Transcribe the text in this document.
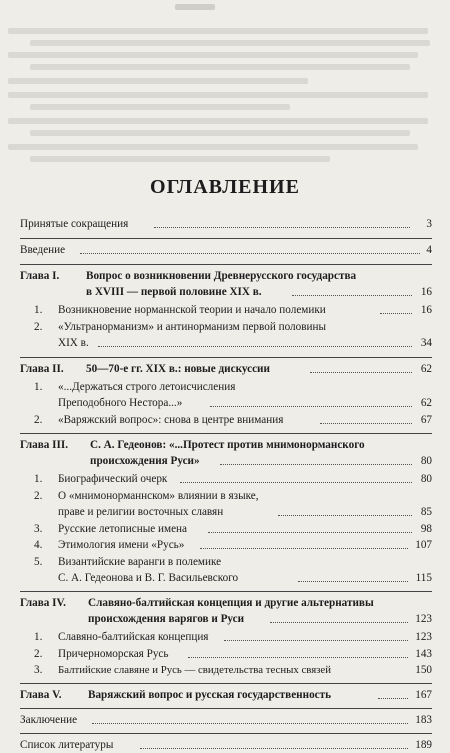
ОГЛАВЛЕНИЕ
Принятые сокращения	3
Введение	4
Глава I. Вопрос о возникновении Древнерусского государства
в XVIII — первой половине XIX в.	16
1. Возникновение норманнской теории и начало полемики	16
2. «Ультранорманизм» и антинорманизм первой половины
XIX в.	34
Глава II. 50—70-е гг. XIX в.: новые дискуссии	62
1. «...Держаться строго летоисчисления
Преподобного Нестора...»	62
2. «Варяжский вопрос»: снова в центре внимания	67
Глава III. С. А. Гедеонов: «...Протест против мнимонорманского
происхождения Руси»	80
1. Биографический очерк	80
2. О «мнимонорманнском» влиянии в языке,
праве и религии восточных славян	85
3. Русские летописные имена	98
4. Этимология имени «Русь»	107
5. Византийские варанги в полемике
С. А. Гедеонова и В. Г. Васильевского	115
Глава IV. Славяно-балтийская концепция и другие альтернативы
происхождения варягов и Руси	123
1. Славяно-балтийская концепция	123
2. Причерноморская Русь	143
3. Балтийские славяне и Русь — свидетельства тесных связей	150
Глава V. Варяжский вопрос и русская государственность	167
Заключение	183
Список литературы	189
